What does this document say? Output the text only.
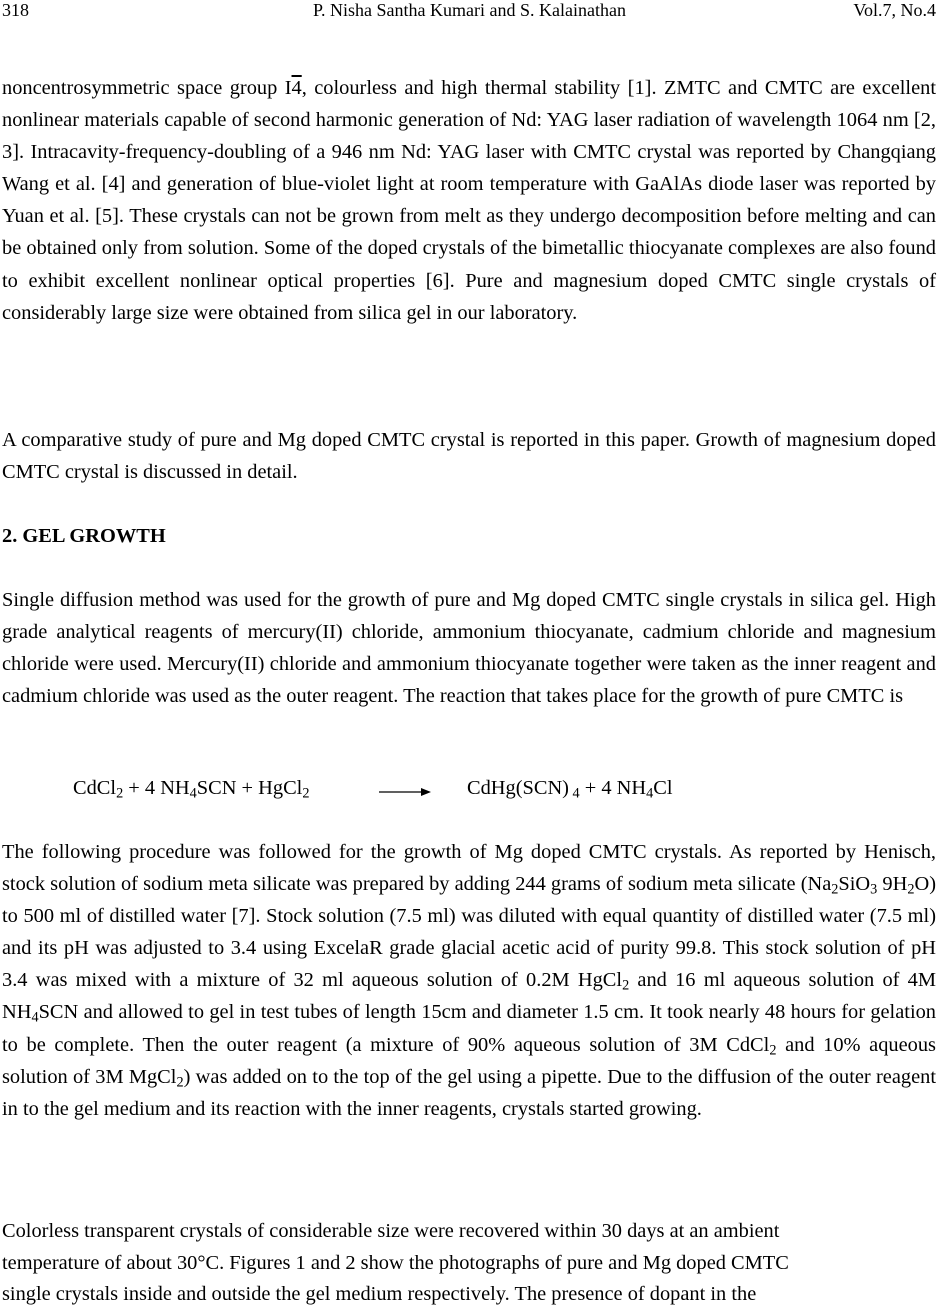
318	P. Nisha Santha Kumari and S. Kalainathan	Vol.7, No.4

noncentrosymmetric space group I4, colourless and high thermal stability [1]. ZMTC and CMTC are excellent nonlinear materials capable of second harmonic generation of Nd: YAG laser radiation of wavelength 1064 nm [2, 3]. Intracavity-frequency-doubling of a 946 nm Nd: YAG laser with CMTC crystal was reported by Changqiang Wang et al. [4] and generation of blue-violet light at room temperature with GaAlAs diode laser was reported by Yuan et al. [5]. These crystals can not be grown from melt as they undergo decomposition before melting and can be obtained only from solution. Some of the doped crystals of the bimetallic thiocyanate complexes are also found to exhibit excellent nonlinear optical properties [6]. Pure and magnesium doped CMTC single crystals of considerably large size were obtained from silica gel in our laboratory.

A comparative study of pure and Mg doped CMTC crystal is reported in this paper. Growth of magnesium doped CMTC crystal is discussed in detail.

2. GEL GROWTH

Single diffusion method was used for the growth of pure and Mg doped CMTC single crystals in silica gel. High grade analytical reagents of mercury(II) chloride, ammonium thiocyanate, cadmium chloride and magnesium chloride were used. Mercury(II) chloride and ammonium thiocyanate together were taken as the inner reagent and cadmium chloride was used as the outer reagent. The reaction that takes place for the growth of pure CMTC is

CdCl$_2$ + 4 $NH_4SCN$ + HgCl$_2$	CdHg(SCN) $_4$ + 4 $NH_4Cl$

The following procedure was followed for the growth of Mg doped CMTC crystals. As reported by Henisch, stock solution of sodium meta silicate was prepared by adding 244 grams of sodium meta silicate ($Na_2SiO_3$ $9H_2O$) to 500 ml of distilled water [7]. Stock solution (7.5 ml) was diluted with equal quantity of distilled water (7.5 ml) and its pH was adjusted to 3.4 using ExcelaR grade glacial acetic acid of purity 99.8. This stock solution of pH 3.4 was mixed with a mixture of 32 ml aqueous solution of 0.2M HgCl$_2$ and 16 ml aqueous solution of 4M $NH_4SCN$ and allowed to gel in test tubes of length 15cm and diameter 1.5 cm. It took nearly 48 hours for gelation to be complete. Then the outer reagent (a mixture of 90% aqueous solution of 3M CdCl$_2$ and 10% aqueous solution of 3M MgCl$_2$) was added on to the top of the gel using a pipette. Due to the diffusion of the outer reagent in to the gel medium and its reaction with the inner reagents, crystals started growing.

Colorless transparent crystals of considerable size were recovered within 30 days at an ambient
temperature of about 30°C. Figures 1 and 2 show the photographs of pure and Mg doped CMTC
single crystals inside and outside the gel medium respectively. The presence of dopant in the
